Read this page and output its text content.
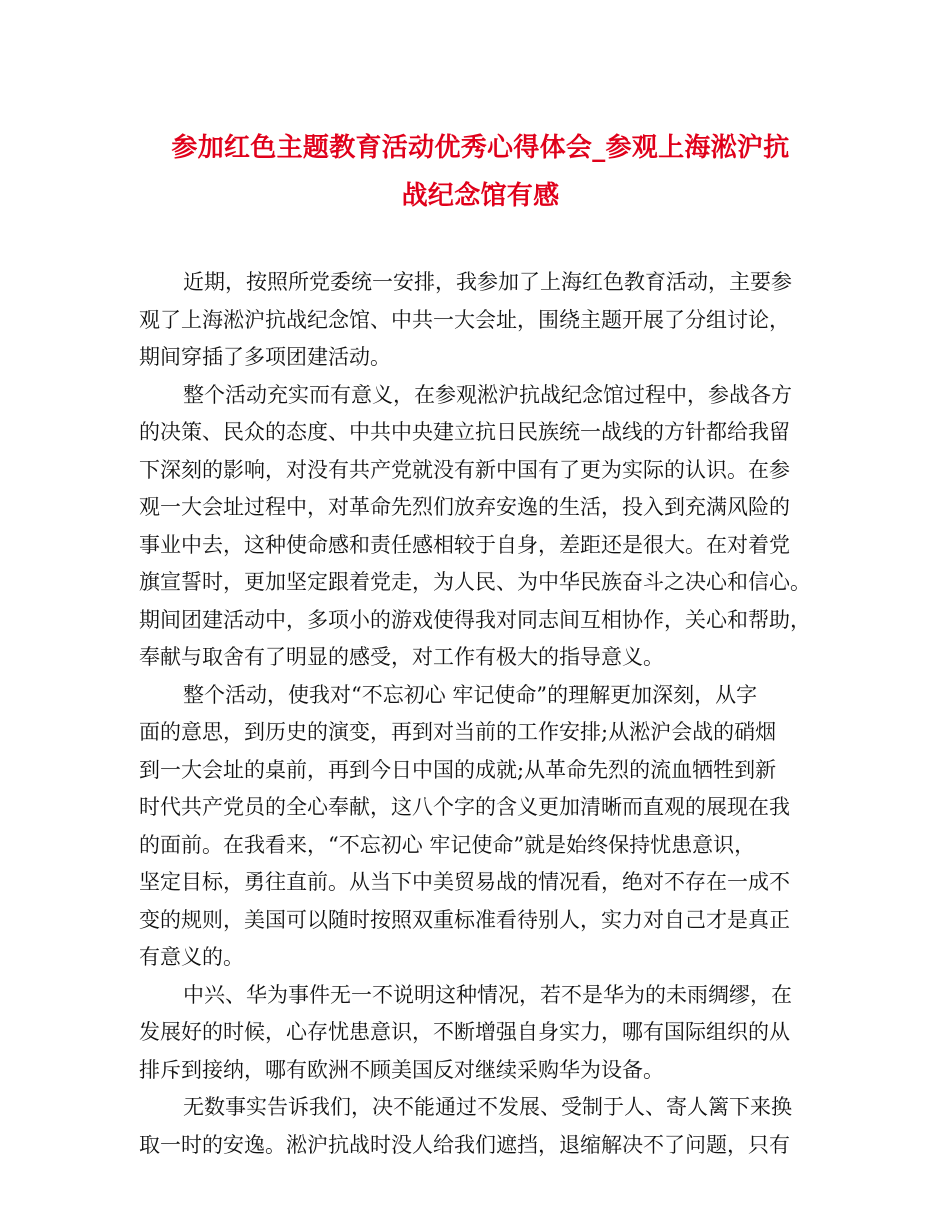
参加红色主题教育活动优秀心得体会_参观上海淞沪抗
战纪念馆有感

近期，按照所党委统一安排，我参加了上海红色教育活动，主要参
观了上海淞沪抗战纪念馆、中共一大会址，围绕主题开展了分组讨论，
期间穿插了多项团建活动。

整个活动充实而有意义，在参观淞沪抗战纪念馆过程中，参战各方
的决策、民众的态度、中共中央建立抗日民族统一战线的方针都给我留
下深刻的影响，对没有共产党就没有新中国有了更为实际的认识。在参
观一大会址过程中，对革命先烈们放弃安逸的生活，投入到充满风险的
事业中去，这种使命感和责任感相较于自身，差距还是很大。在对着党
旗宣誓时，更加坚定跟着党走，为人民、为中华民族奋斗之决心和信心。
期间团建活动中，多项小的游戏使得我对同志间互相协作，关心和帮助，
奉献与取舍有了明显的感受，对工作有极大的指导意义。

整个活动，使我对“不忘初心 牢记使命”的理解更加深刻，从字
面的意思，到历史的演变，再到对当前的工作安排;从淞沪会战的硝烟
到一大会址的桌前，再到今日中国的成就;从革命先烈的流血牺牲到新
时代共产党员的全心奉献，这八个字的含义更加清晰而直观的展现在我
的面前。在我看来，“不忘初心 牢记使命”就是始终保持忧患意识，
坚定目标，勇往直前。从当下中美贸易战的情况看，绝对不存在一成不
变的规则，美国可以随时按照双重标准看待别人，实力对自己才是真正
有意义的。

中兴、华为事件无一不说明这种情况，若不是华为的未雨绸缪，在
发展好的时候，心存忧患意识，不断增强自身实力，哪有国际组织的从
排斥到接纳，哪有欧洲不顾美国反对继续采购华为设备。

无数事实告诉我们，决不能通过不发展、受制于人、寄人篱下来换
取一时的安逸。淞沪抗战时没人给我们遮挡，退缩解决不了问题，只有
